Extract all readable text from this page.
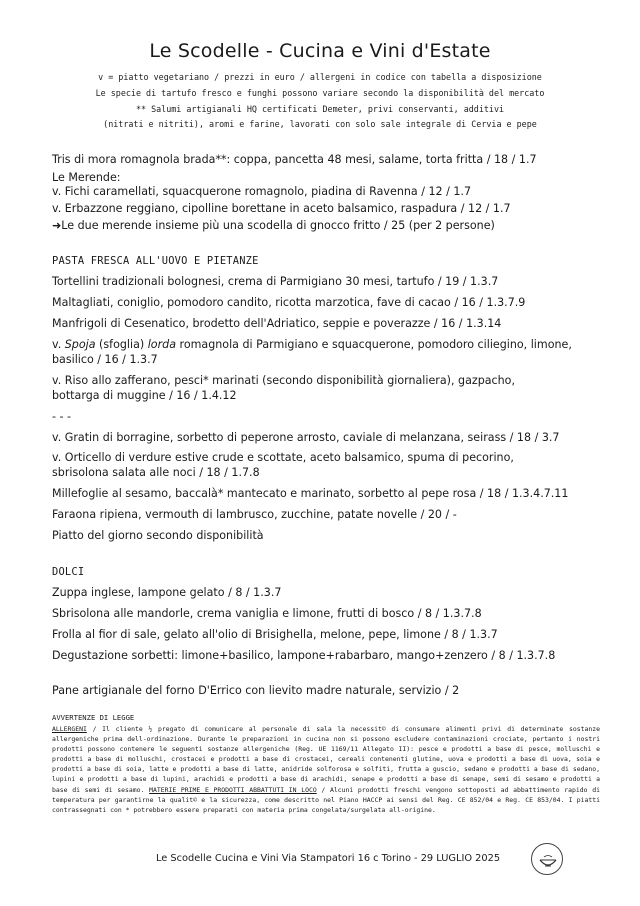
Le Scodelle - Cucina e Vini d'Estate
v = piatto vegetariano / prezzi in euro / allergeni in codice con tabella a disposizione
Le specie di tartufo fresco e funghi possono variare secondo la disponibilità del mercato
** Salumi artigianali HQ certificati Demeter, privi conservanti, additivi
(nitrati e nitriti), aromi e farine, lavorati con solo sale integrale di Cervia e pepe
Tris di mora romagnola brada**: coppa, pancetta 48 mesi, salame, torta fritta / 18 / 1.7
Le Merende:
v. Fichi caramellati, squacquerone romagnolo, piadina di Ravenna / 12 / 1.7
v. Erbazzone reggiano, cipolline borettane in aceto balsamico, raspadura / 12 / 1.7
➜Le due merende insieme più una scodella di gnocco fritto / 25 (per 2 persone)
PASTA FRESCA ALL'UOVO E PIETANZE
Tortellini tradizionali bolognesi, crema di Parmigiano 30 mesi, tartufo / 19 / 1.3.7
Maltagliati, coniglio, pomodoro candito, ricotta marzotica, fave di cacao / 16 / 1.3.7.9
Manfrigoli di Cesenatico, brodetto dell'Adriatico, seppie e poverazze / 16 / 1.3.14
v. Spoja (sfoglia) lorda romagnola di Parmigiano e squacquerone, pomodoro ciliegino, limone,
basilico / 16 / 1.3.7
v. Riso allo zafferano, pesci* marinati (secondo disponibilità giornaliera), gazpacho,
bottarga di muggine / 16 / 1.4.12
- - -
v. Gratin di borragine, sorbetto di peperone arrosto, caviale di melanzana, seirass / 18 / 3.7
v. Orticello di verdure estive crude e scottate, aceto balsamico, spuma di pecorino,
sbrisolona salata alle noci / 18 / 1.7.8
Millefoglie al sesamo, baccalà* mantecato e marinato, sorbetto al pepe rosa / 18 / 1.3.4.7.11
Faraona ripiena, vermouth di lambrusco, zucchine, patate novelle / 20 / -
Piatto del giorno secondo disponibilità
DOLCI
Zuppa inglese, lampone gelato / 8 / 1.3.7
Sbrisolona alle mandorle, crema vaniglia e limone, frutti di bosco / 8 / 1.3.7.8
Frolla al fior di sale, gelato all'olio di Brisighella, melone, pepe, limone / 8 / 1.3.7
Degustazione sorbetti: limone+basilico, lampone+rabarbaro, mango+zenzero / 8 / 1.3.7.8
Pane artigianale del forno D'Errico con lievito madre naturale, servizio / 2
AVVERTENZE DI LEGGE
ALLERGENI / Il cliente ½ pregato di comunicare al personale di sala la necessit© di consumare alimenti privi di determinate sostanze allergeniche prima dell-ordinazione. Durante le preparazioni in cucina non si possono escludere contaminazioni crociate, pertanto i nostri prodotti possono contenere le seguenti sostanze allergeniche (Reg. UE 1169/11 Allegato II): pesce e prodotti a base di pesce, molluschi e prodotti a base di molluschi, crostacei e prodotti a base di crostacei, cereali contenenti glutine, uova e prodotti a base di uova, soia e prodotti a base di soia, latte e prodotti a base di latte, anidride solforosa e solfiti, frutta a guscio, sedano e prodotti a base di sedano, lupini e prodotti a base di lupini, arachidi e prodotti a base di arachidi, senape e prodotti a base di senape, semi di sesamo e prodotti a base di semi di sesamo. MATERIE PRIME E PRODOTTI ABBATTUTI IN LOCO / Alcuni prodotti freschi vengono sottoposti ad abbattimento rapido di temperatura per garantirne la qualit© e la sicurezza, come descritto nel Piano HACCP ai sensi del Reg. CE 852/04 e Reg. CE 853/04. I piatti contrassegnati con * potrebbero essere preparati con materia prima congelata/surgelata all-origine.
Le Scodelle Cucina e Vini Via Stampatori 16 c Torino - 29 LUGLIO 2025
